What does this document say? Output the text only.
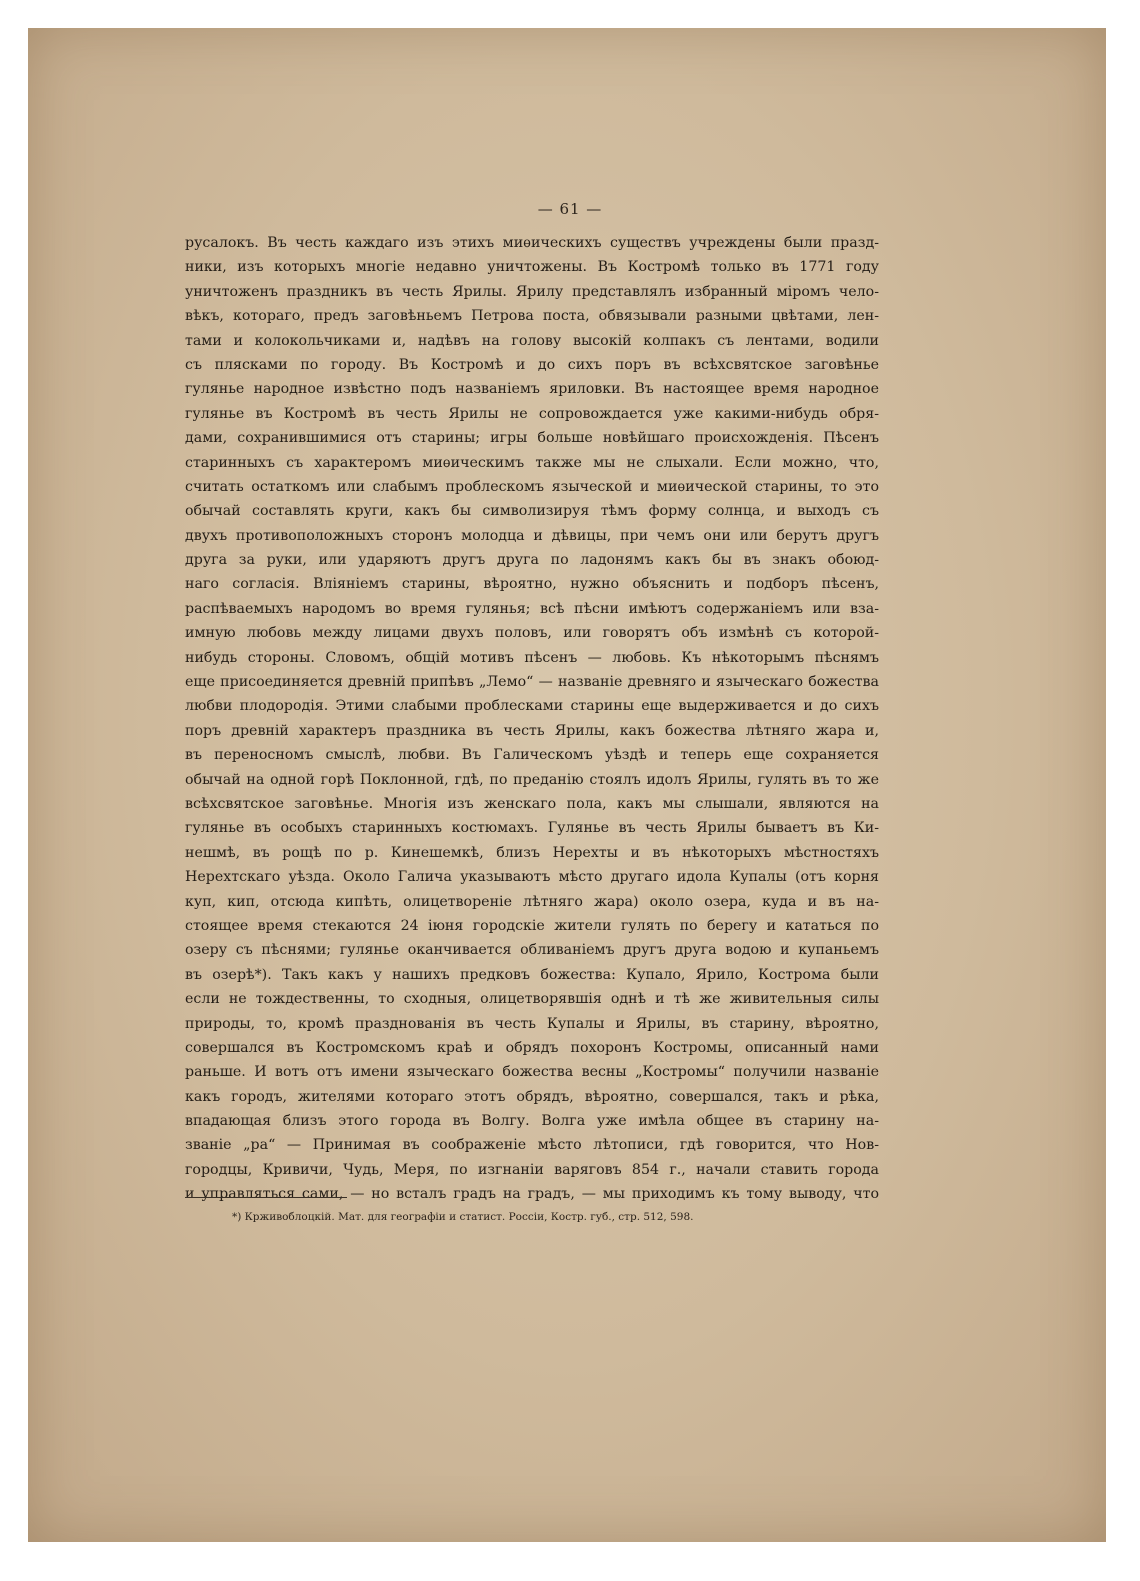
— 61 —
русалокъ. Въ честь каждаго изъ этихъ миѳическихъ существъ учреждены были празд-
ники, изъ которыхъ многіе недавно уничтожены. Въ Костромѣ только въ 1771 году
уничтоженъ праздникъ въ честь Ярилы. Ярилу представлялъ избранный міромъ чело-
вѣкъ, котораго, предъ заговѣньемъ Петрова поста, обвязывали разными цвѣтами, лен-
тами и колокольчиками и, надѣвъ на голову высокій колпакъ съ лентами, водили
съ плясками по городу. Въ Костромѣ и до сихъ поръ въ всѣхсвятское заговѣнье
гулянье народное извѣстно подъ названіемъ яриловки. Въ настоящее время народное
гулянье въ Костромѣ въ честь Ярилы не сопровождается уже какими-нибудь обря-
дами, сохранившимися отъ старины; игры больше новѣйшаго происхожденія. Пѣсенъ
старинныхъ съ характеромъ миѳическимъ также мы не слыхали. Если можно, что,
считать остаткомъ или слабымъ проблескомъ языческой и миѳической старины, то это
обычай составлять круги, какъ бы символизируя тѣмъ форму солнца, и выходъ съ
двухъ противоположныхъ сторонъ молодца и дѣвицы, при чемъ они или берутъ другъ
друга за руки, или ударяютъ другъ друга по ладонямъ какъ бы въ знакъ обоюд-
наго согласія. Вліяніемъ старины, вѣроятно, нужно объяснить и подборъ пѣсенъ,
распѣваемыхъ народомъ во время гулянья; всѣ пѣсни имѣютъ содержаніемъ или вза-
имную любовь между лицами двухъ половъ, или говорятъ объ измѣнѣ съ которой-
нибудь стороны. Словомъ, общій мотивъ пѣсенъ — любовь. Къ нѣкоторымъ пѣснямъ
еще присоединяется древній припѣвъ „Лемо“ — названіе древняго и языческаго божества
любви плодородія. Этими слабыми проблесками старины еще выдерживается и до сихъ
поръ древній характеръ праздника въ честь Ярилы, какъ божества лѣтняго жара и,
въ переносномъ смыслѣ, любви. Въ Галическомъ уѣздѣ и теперь еще сохраняется
обычай на одной горѣ Поклонной, гдѣ, по преданію стоялъ идолъ Ярилы, гулять въ то же
всѣхсвятское заговѣнье. Многія изъ женскаго пола, какъ мы слышали, являются на
гулянье въ особыхъ старинныхъ костюмахъ. Гулянье въ честь Ярилы бываетъ въ Ки-
нешмѣ, въ рощѣ по р. Кинешемкѣ, близъ Нерехты и въ нѣкоторыхъ мѣстностяхъ
Нерехтскаго уѣзда. Около Галича указываютъ мѣсто другаго идола Купалы (отъ корня
куп, кип, отсюда кипѣть, олицетвореніе лѣтняго жара) около озера, куда и въ на-
стоящее время стекаются 24 іюня городскіе жители гулять по берегу и кататься по
озеру съ пѣснями; гулянье оканчивается обливаніемъ другъ друга водою и купаньемъ
въ озерѣ*). Такъ какъ у нашихъ предковъ божества: Купало, Ярило, Кострома были
если не тождественны, то сходныя, олицетворявшія однѣ и тѣ же живительныя силы
природы, то, кромѣ празднованія въ честь Купалы и Ярилы, въ старину, вѣроятно,
совершался въ Костромскомъ краѣ и обрядъ похоронъ Костромы, описанный нами
раньше. И вотъ отъ имени языческаго божества весны „Костромы“ получили названіе
какъ городъ, жителями котораго этотъ обрядъ, вѣроятно, совершался, такъ и рѣка,
впадающая близъ этого города въ Волгу. Волга уже имѣла общее въ старину на-
званіе „ра“ — Принимая въ соображеніе мѣсто лѣтописи, гдѣ говорится, что Нов-
городцы, Кривичи, Чудь, Меря, по изгнаніи варяговъ 854 г., начали ставить города
и управляться сами, — но всталъ градъ на градъ, — мы приходимъ къ тому выводу, что
*) Крживоблоцкій. Мат. для географіи и статист. Россіи, Костр. губ., стр. 512, 598.
